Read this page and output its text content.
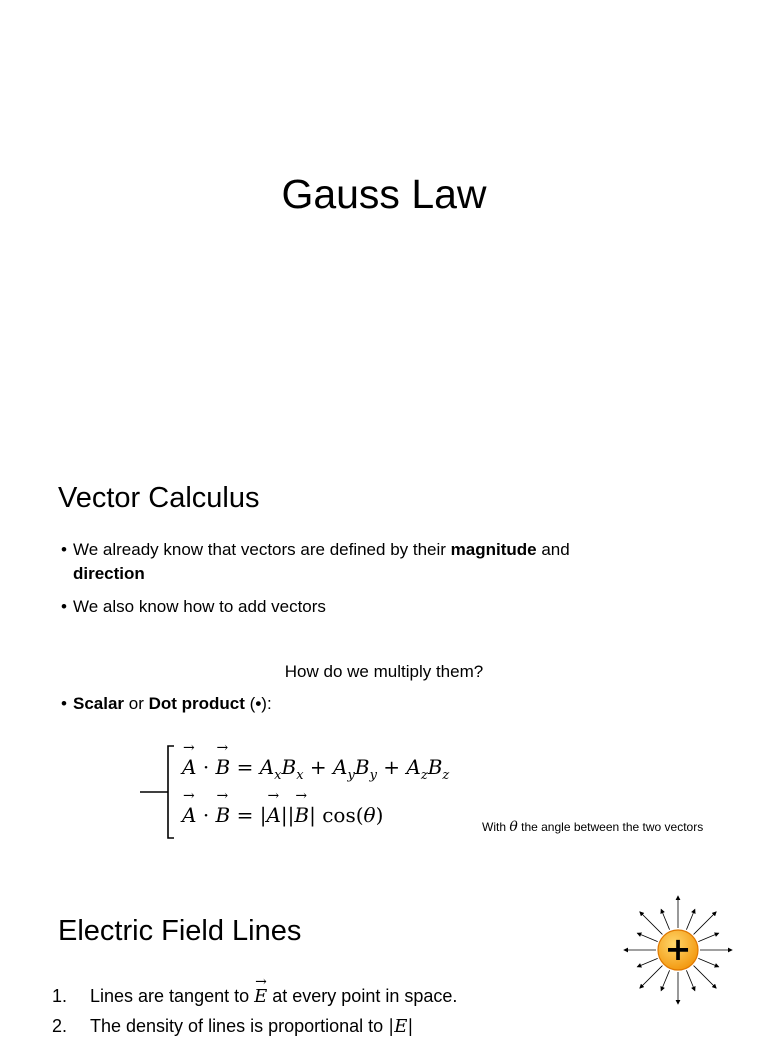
Gauss Law
Vector Calculus
• We already know that vectors are defined by their magnitude and
direction
• We also know how to add vectors
How do we multiply them?
• Scalar or Dot product (•):
→ A · → $B = A_xB_x + A_yB_y + A_zB_z$
→ A · → B = |→ A||→ B| cos(θ)	With θ the angle between the two vectors
Electric Field Lines
1. Lines are tangent to → E at every point in space.
2. The density of lines is proportional to |E|
+
